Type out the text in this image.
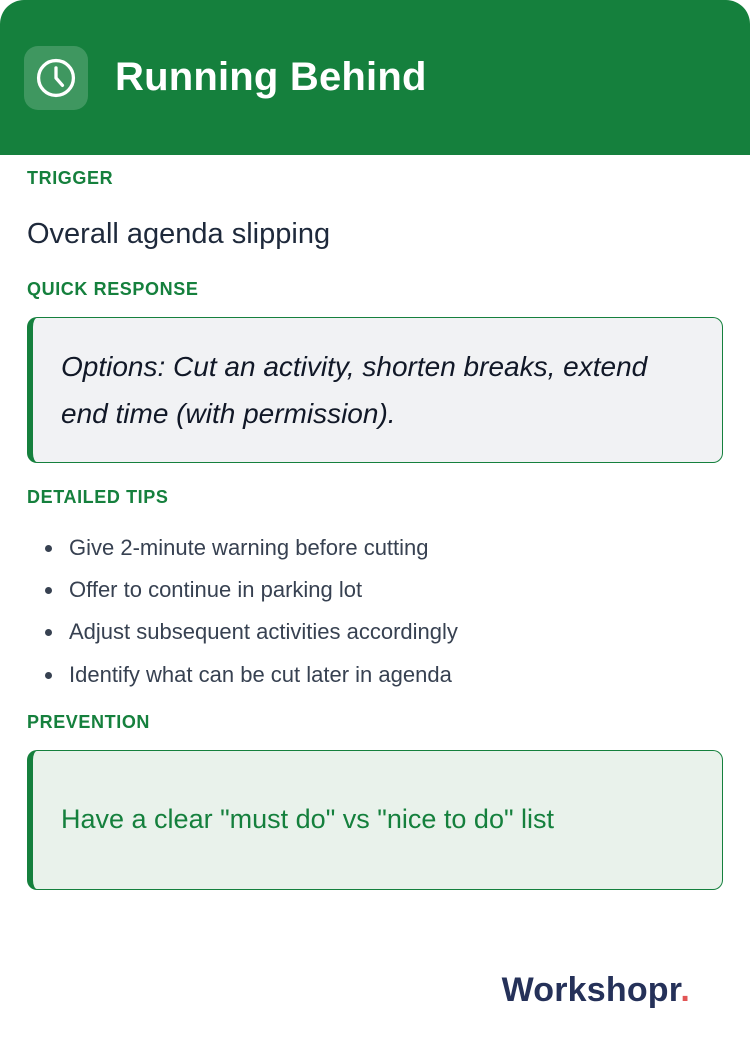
Running Behind
TRIGGER
Overall agenda slipping
QUICK RESPONSE
Options: Cut an activity, shorten breaks, extend end time (with permission).
DETAILED TIPS
• Give 2-minute warning before cutting
• Offer to continue in parking lot
• Adjust subsequent activities accordingly
• Identify what can be cut later in agenda
PREVENTION
Have a clear "must do" vs "nice to do" list
Workshopr.
